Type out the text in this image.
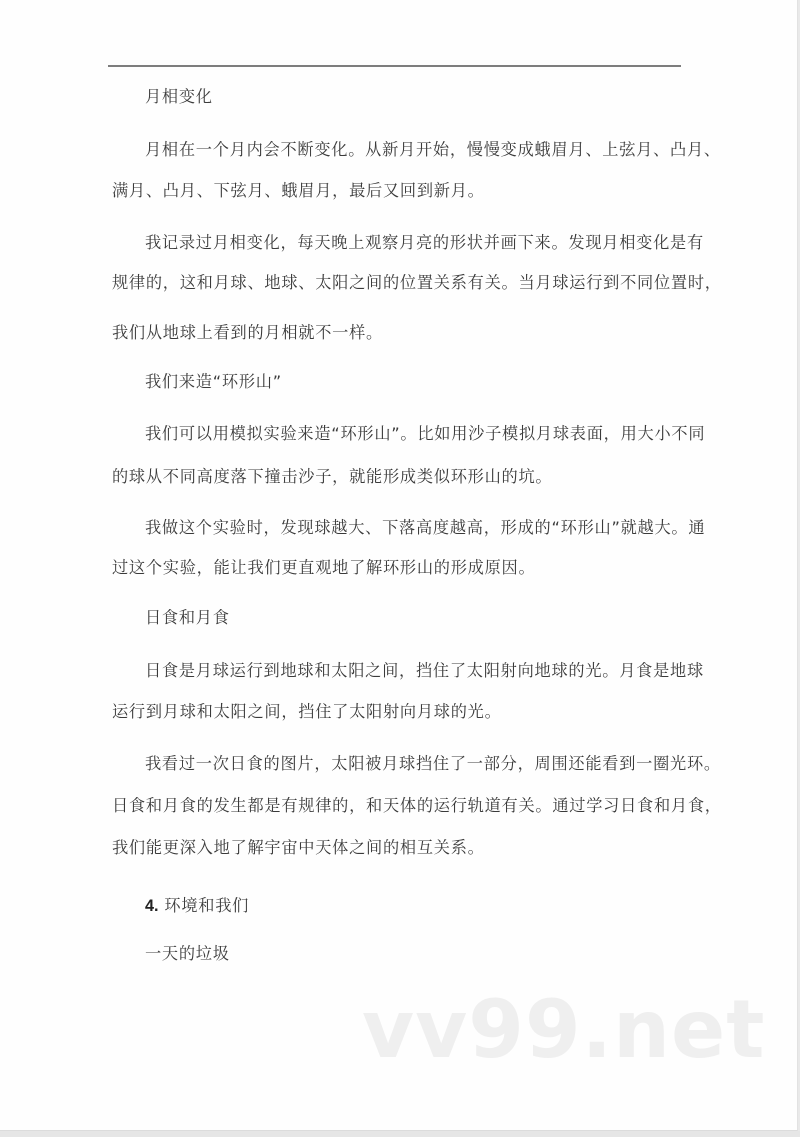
月相变化
月相在一个月内会不断变化。从新月开始，慢慢变成蛾眉月、上弦月、凸月、
满月、凸月、下弦月、蛾眉月，最后又回到新月。
我记录过月相变化，每天晚上观察月亮的形状并画下来。发现月相变化是有
规律的，这和月球、地球、太阳之间的位置关系有关。当月球运行到不同位置时，
我们从地球上看到的月相就不一样。
我们来造“环形山”
我们可以用模拟实验来造“环形山”。比如用沙子模拟月球表面，用大小不同
的球从不同高度落下撞击沙子，就能形成类似环形山的坑。
我做这个实验时，发现球越大、下落高度越高，形成的“环形山”就越大。通
过这个实验，能让我们更直观地了解环形山的形成原因。
日食和月食
日食是月球运行到地球和太阳之间，挡住了太阳射向地球的光。月食是地球
运行到月球和太阳之间，挡住了太阳射向月球的光。
我看过一次日食的图片，太阳被月球挡住了一部分，周围还能看到一圈光环。
日食和月食的发生都是有规律的，和天体的运行轨道有关。通过学习日食和月食，
我们能更深入地了解宇宙中天体之间的相互关系。
4. 环境和我们
一天的垃圾
vv99.net
